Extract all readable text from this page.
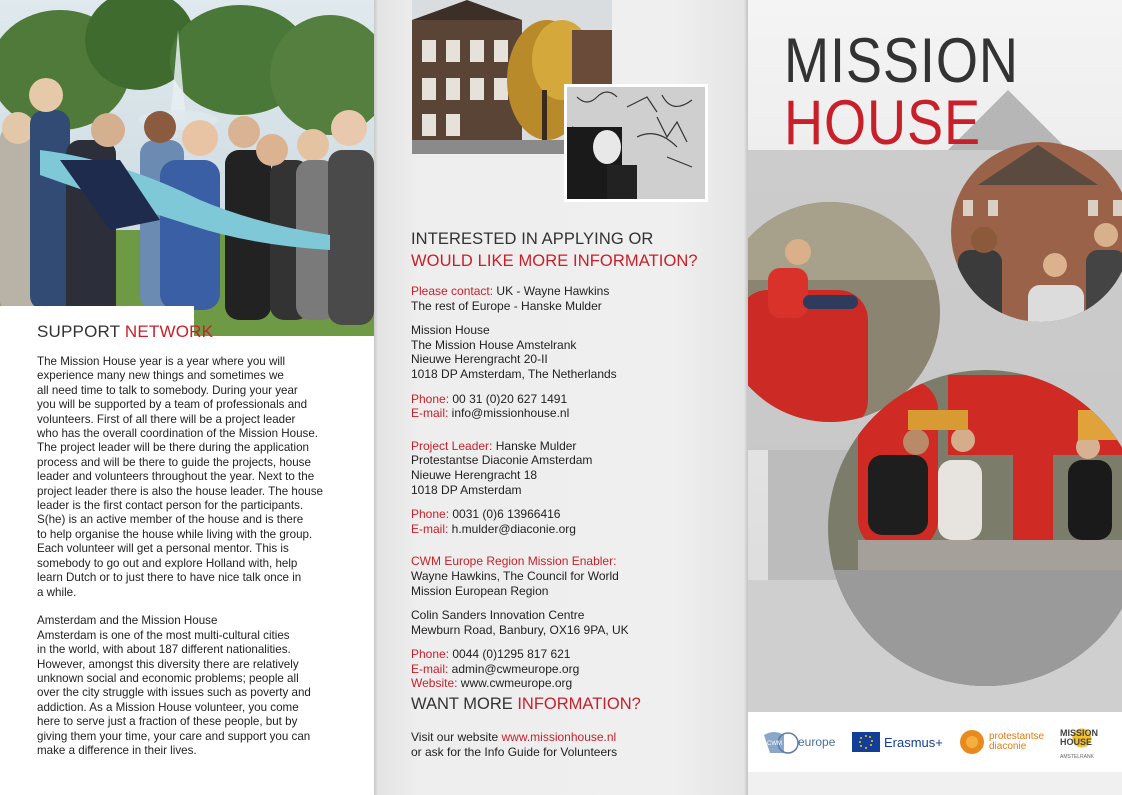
SUPPORT NETWORK

The Mission House year is a year where you will
experience many new things and sometimes we
all need time to talk to somebody. During your year
you will be supported by a team of professionals and
volunteers. First of all there will be a project leader
who has the overall coordination of the Mission House.
The project leader will be there during the application
process and will be there to guide the projects, house
leader and volunteers throughout the year. Next to the
project leader there is also the house leader. The house
leader is the first contact person for the participants.
S(he) is an active member of the house and is there
to help organise the house while living with the group.
Each volunteer will get a personal mentor. This is
somebody to go out and explore Holland with, help
learn Dutch or to just there to have nice talk once in
a while.

Amsterdam and the Mission House
Amsterdam is one of the most multi-cultural cities
in the world, with about 187 different nationalities.
However, amongst this diversity there are relatively
unknown social and economic problems; people all
over the city struggle with issues such as poverty and
addiction. As a Mission House volunteer, you come
here to serve just a fraction of these people, but by
giving them your time, your care and support you can
make a difference in their lives.

INTERESTED IN APPLYING OR
WOULD LIKE MORE INFORMATION?
Please contact: UK - Wayne Hawkins
The rest of Europe - Hanske Mulder
Mission House
The Mission House Amstelrank
Nieuwe Herengracht 20-II
1018 DP Amsterdam, The Netherlands
Phone: 00 31 (0)20 627 1491
E-mail: info@missionhouse.nl
Project Leader: Hanske Mulder
Protestantse Diaconie Amsterdam
Nieuwe Herengracht 18
1018 DP Amsterdam
Phone: 0031 (0)6 13966416
E-mail: h.mulder@diaconie.org
CWM Europe Region Mission Enabler:
Wayne Hawkins, The Council for World
Mission European Region
Colin Sanders Innovation Centre
Mewburn Road, Banbury, OX16 9PA, UK
Phone: 0044 (0)1295 817 621
E-mail: admin@cwmeurope.org
Website: www.cwmeurope.org
WANT MORE INFORMATION?
Visit our website www.missionhouse.nl
or ask for the Info Guide for Volunteers
MISSION
HOUSE
CWM europe	Erasmus+	protestantse
diaconie
MISSION HOUSE
AMSTELRANK
